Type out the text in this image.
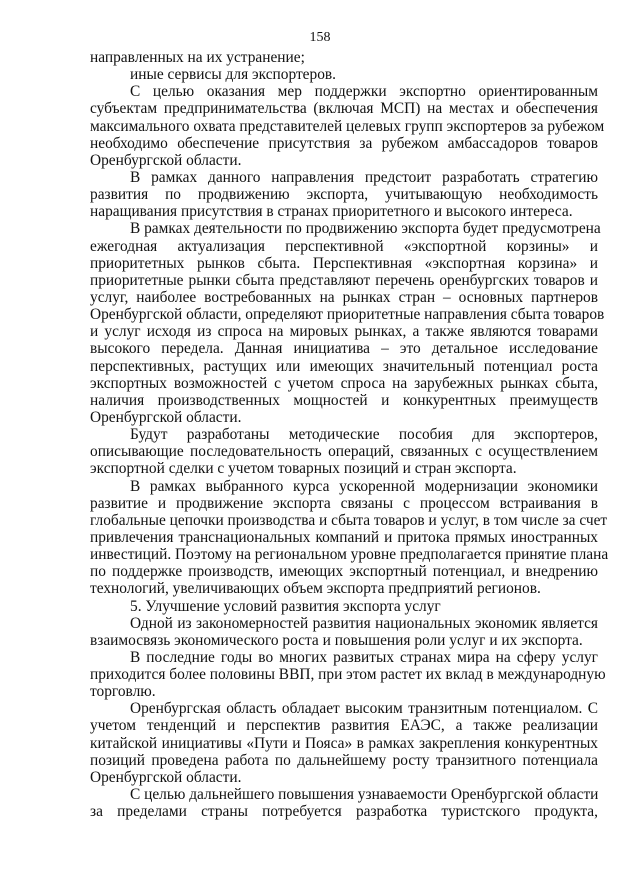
158
направленных на их устранение;
иные сервисы для экспортеров.
С целью оказания мер поддержки экспортно ориентированным
субъектам предпринимательства (включая МСП) на местах и обеспечения
максимального охвата представителей целевых групп экспортеров за рубежом
необходимо обеспечение присутствия за рубежом амбассадоров товаров
Оренбургской области.
В рамках данного направления предстоит разработать стратегию
развития по продвижению экспорта, учитывающую необходимость
наращивания присутствия в странах приоритетного и высокого интереса.
В рамках деятельности по продвижению экспорта будет предусмотрена
ежегодная актуализация перспективной «экспортной корзины» и
приоритетных рынков сбыта. Перспективная «экспортная корзина» и
приоритетные рынки сбыта представляют перечень оренбургских товаров и
услуг, наиболее востребованных на рынках стран – основных партнеров
Оренбургской области, определяют приоритетные направления сбыта товаров
и услуг исходя из спроса на мировых рынках, а также являются товарами
высокого передела. Данная инициатива – это детальное исследование
перспективных, растущих или имеющих значительный потенциал роста
экспортных возможностей с учетом спроса на зарубежных рынках сбыта,
наличия производственных мощностей и конкурентных преимуществ
Оренбургской области.
Будут разработаны методические пособия для экспортеров,
описывающие последовательность операций, связанных с осуществлением
экспортной сделки с учетом товарных позиций и стран экспорта.
В рамках выбранного курса ускоренной модернизации экономики
развитие и продвижение экспорта связаны с процессом встраивания в
глобальные цепочки производства и сбыта товаров и услуг, в том числе за счет
привлечения транснациональных компаний и притока прямых иностранных
инвестиций. Поэтому на региональном уровне предполагается принятие плана
по поддержке производств, имеющих экспортный потенциал, и внедрению
технологий, увеличивающих объем экспорта предприятий регионов.
5. Улучшение условий развития экспорта услуг
Одной из закономерностей развития национальных экономик является
взаимосвязь экономического роста и повышения роли услуг и их экспорта.
В последние годы во многих развитых странах мира на сферу услуг
приходится более половины ВВП, при этом растет их вклад в международную
торговлю.
Оренбургская область обладает высоким транзитным потенциалом. С
учетом тенденций и перспектив развития ЕАЭС, а также реализации
китайской инициативы «Пути и Пояса» в рамках закрепления конкурентных
позиций проведена работа по дальнейшему росту транзитного потенциала
Оренбургской области.
С целью дальнейшего повышения узнаваемости Оренбургской области
за пределами страны потребуется разработка туристского продукта,
